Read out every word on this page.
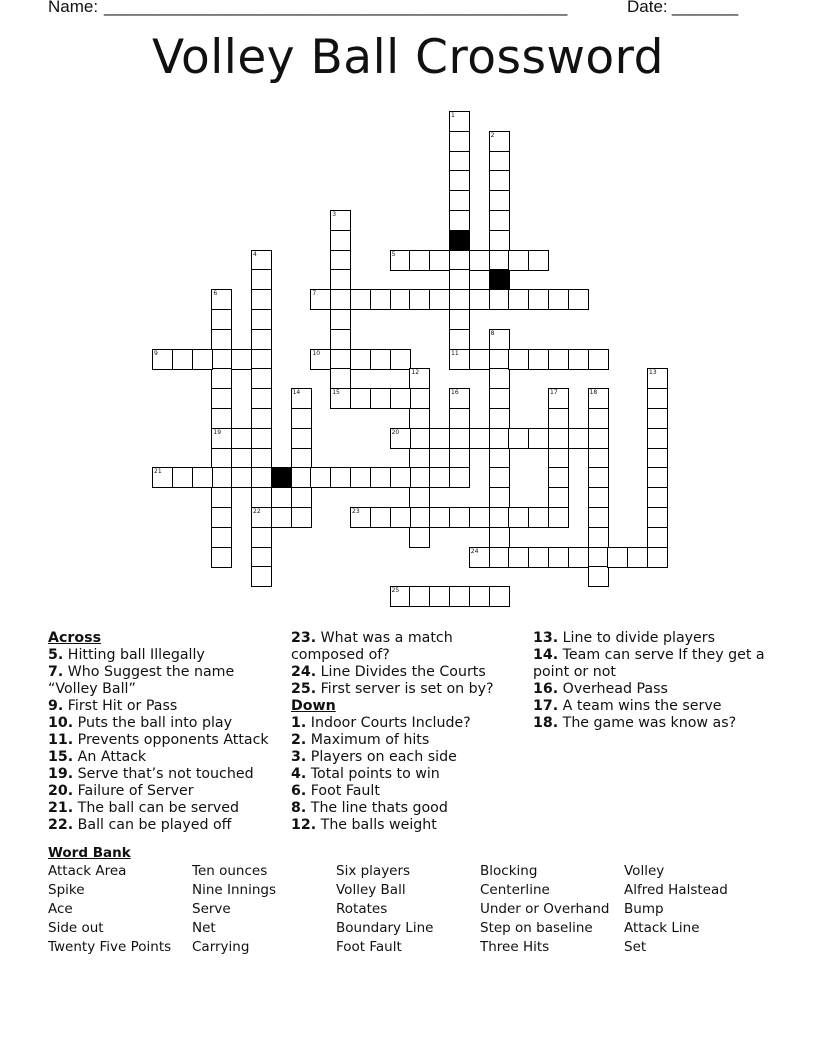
Name: _________________________________________________	Date: _______
Volley Ball Crossword
1
2
3
4	5
6	7
8
9	10	11
12	13
14	15	16	17	18
19	20
21
22	23
24
25
Across
5. Hitting ball Illegally
7. Who Suggest the name “Volley Ball”
9. First Hit or Pass
10. Puts the ball into play
11. Prevents opponents Attack
15. An Attack
19. Serve that’s not touched
20. Failure of Server
21. The ball can be served
22. Ball can be played off
23. What was a match composed of?
24. Line Divides the Courts
25. First server is set on by?
Down
1. Indoor Courts Include?
2. Maximum of hits
3. Players on each side
4. Total points to win
6. Foot Fault
8. The line thats good
12. The balls weight
13. Line to divide players
14. Team can serve If they get a point or not
16. Overhead Pass
17. A team wins the serve
18. The game was know as?
Word Bank
Attack Area
Spike
Ace
Side out
Twenty Five Points
Ten ounces
Nine Innings
Serve
Net
Carrying
Six players
Volley Ball
Rotates
Boundary Line
Foot Fault
Blocking
Centerline
Under or Overhand
Step on baseline
Three Hits
Volley
Alfred Halstead
Bump
Attack Line
Set
